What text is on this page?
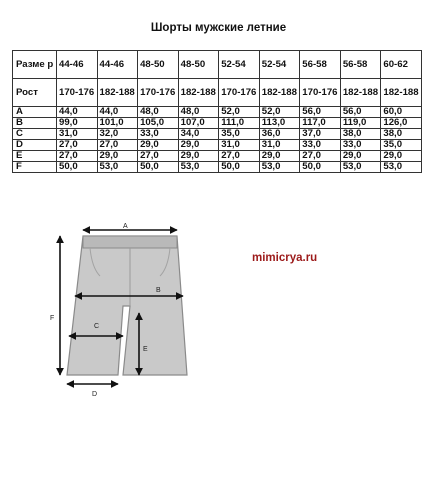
Шорты мужские летние
Разме р	44-46	44-46	48-50	48-50	52-54	52-54	56-58	56-58	60-62
Рост	170-176	182-188	170-176	182-188	170-176	182-188	170-176	182-188	182-188
A	44,0	44,0	48,0	48,0	52,0	52,0	56,0	56,0	60,0
B	99,0	101,0	105,0	107,0	111,0	113,0	117,0	119,0	126,0
C	31,0	32,0	33,0	34,0	35,0	36,0	37,0	38,0	38,0
D	27,0	27,0	29,0	29,0	31,0	31,0	33,0	33,0	35,0
E	27,0	29,0	27,0	29,0	27,0	29,0	27,0	29,0	29,0
F	50,0	53,0	50,0	53,0	50,0	53,0	50,0	53,0	53,0
mimicrya.ru
A
B
C
E
D
F
